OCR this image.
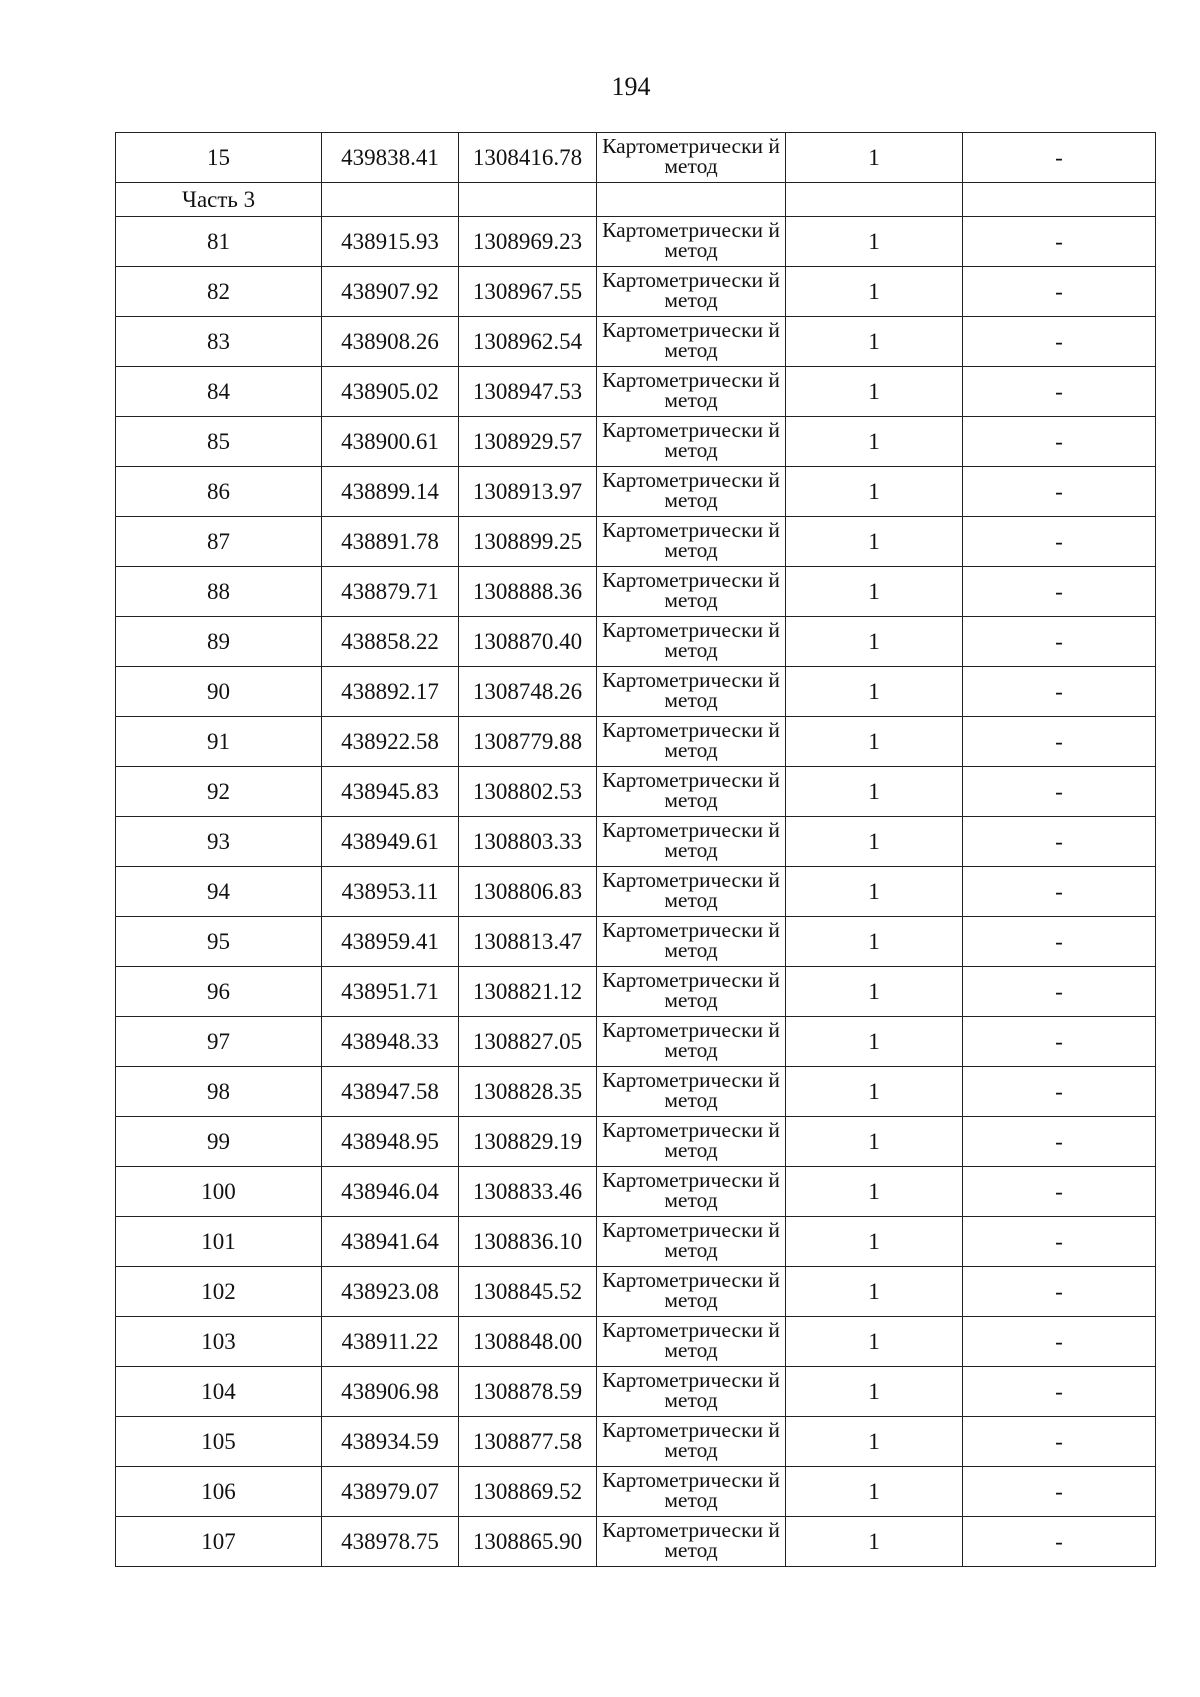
194
15	439838.41	1308416.78	Картометрически й метод	1	-

Часть 3					

81	438915.93	1308969.23	Картометрически й метод	1	-
82	438907.92	1308967.55	Картометрически й метод	1	-
83	438908.26	1308962.54	Картометрически й метод	1	-
84	438905.02	1308947.53	Картометрически й метод	1	-
85	438900.61	1308929.57	Картометрически й метод	1	-
86	438899.14	1308913.97	Картометрически й метод	1	-
87	438891.78	1308899.25	Картометрически й метод	1	-
88	438879.71	1308888.36	Картометрически й метод	1	-
89	438858.22	1308870.40	Картометрически й метод	1	-
90	438892.17	1308748.26	Картометрически й метод	1	-
91	438922.58	1308779.88	Картометрически й метод	1	-
92	438945.83	1308802.53	Картометрически й метод	1	-
93	438949.61	1308803.33	Картометрически й метод	1	-
94	438953.11	1308806.83	Картометрически й метод	1	-
95	438959.41	1308813.47	Картометрически й метод	1	-
96	438951.71	1308821.12	Картометрически й метод	1	-
97	438948.33	1308827.05	Картометрически й метод	1	-
98	438947.58	1308828.35	Картометрически й метод	1	-
99	438948.95	1308829.19	Картометрически й метод	1	-
100	438946.04	1308833.46	Картометрически й метод	1	-
101	438941.64	1308836.10	Картометрически й метод	1	-
102	438923.08	1308845.52	Картометрически й метод	1	-
103	438911.22	1308848.00	Картометрически й метод	1	-
104	438906.98	1308878.59	Картометрически й метод	1	-
105	438934.59	1308877.58	Картометрически й метод	1	-
106	438979.07	1308869.52	Картометрически й метод	1	-
107	438978.75	1308865.90	Картометрически й метод	1	-
